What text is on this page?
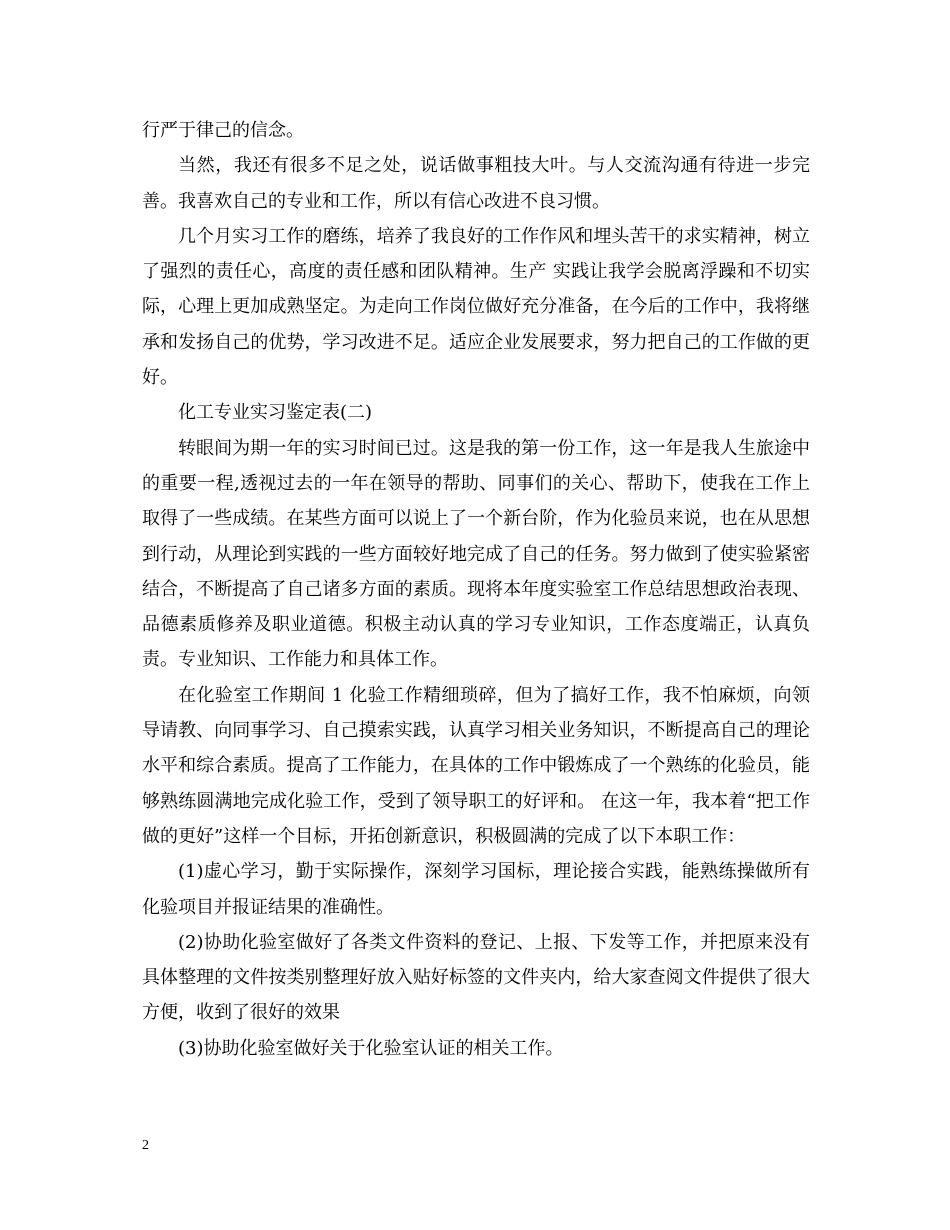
行严于律己的信念。

当然，我还有很多不足之处，说话做事粗技大叶。与人交流沟通有待进一步完善。我喜欢自己的专业和工作，所以有信心改进不良习惯。

几个月实习工作的磨练，培养了我良好的工作作风和埋头苦干的求实精神，树立了强烈的责任心，高度的责任感和团队精神。生产 实践让我学会脱离浮躁和不切实际，心理上更加成熟坚定。为走向工作岗位做好充分准备，在今后的工作中，我将继承和发扬自己的优势，学习改进不足。适应企业发展要求，努力把自己的工作做的更好。

化工专业实习鉴定表(二)

转眼间为期一年的实习时间已过。这是我的第一份工作，这一年是我人生旅途中的重要一程,透视过去的一年在领导的帮助、同事们的关心、帮助下，使我在工作上取得了一些成绩。在某些方面可以说上了一个新台阶，作为化验员来说，也在从思想到行动，从理论到实践的一些方面较好地完成了自己的任务。努力做到了使实验紧密结合，不断提高了自己诸多方面的素质。现将本年度实验室工作总结思想政治表现、品德素质修养及职业道德。积极主动认真的学习专业知识，工作态度端正，认真负责。专业知识、工作能力和具体工作。

在化验室工作期间 1 化验工作精细琐碎，但为了搞好工作，我不怕麻烦，向领导请教、向同事学习、自己摸索实践，认真学习相关业务知识，不断提高自己的理论水平和综合素质。提高了工作能力，在具体的工作中锻炼成了一个熟练的化验员，能够熟练圆满地完成化验工作，受到了领导职工的好评和。 在这一年，我本着“把工作做的更好”这样一个目标，开拓创新意识，积极圆满的完成了以下本职工作：

(1)虚心学习，勤于实际操作，深刻学习国标，理论接合实践，能熟练操做所有化验项目并报证结果的准确性。

(2)协助化验室做好了各类文件资料的登记、上报、下发等工作，并把原来没有具体整理的文件按类别整理好放入贴好标签的文件夹内，给大家查阅文件提供了很大方便，收到了很好的效果

(3)协助化验室做好关于化验室认证的相关工作。

2
